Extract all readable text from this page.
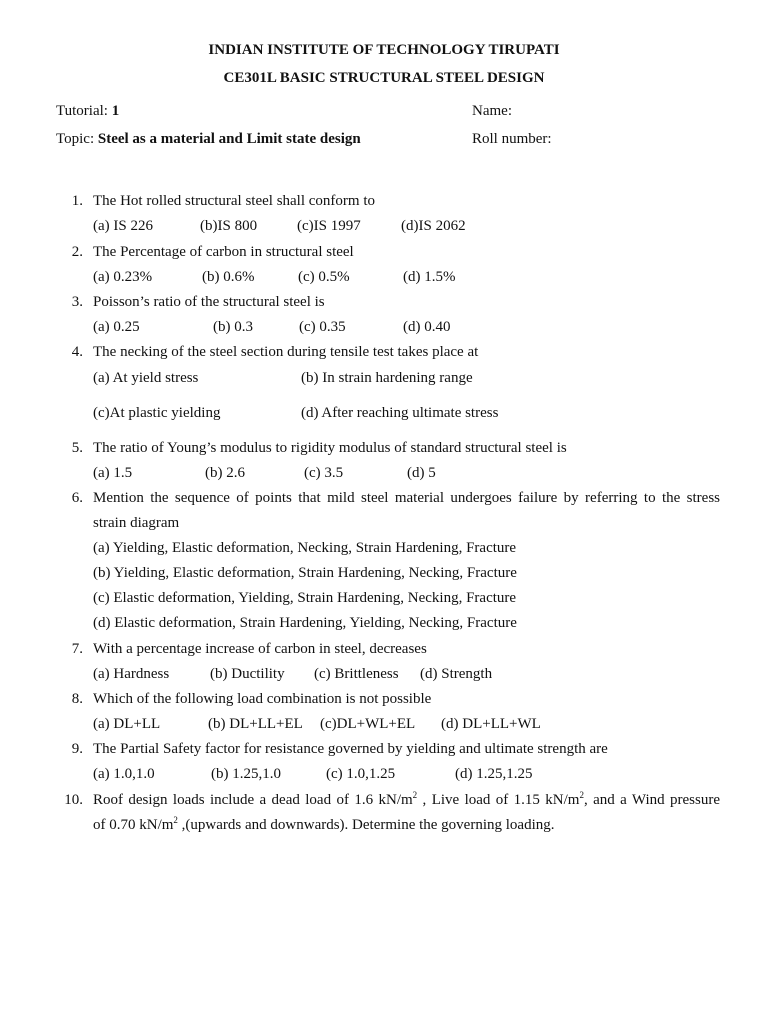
INDIAN INSTITUTE OF TECHNOLOGY TIRUPATI
CE301L BASIC STRUCTURAL STEEL DESIGN
Tutorial: 1	Name:
Topic: Steel as a material and Limit state design	Roll number:
1. The Hot rolled structural steel shall conform to
(a) IS 226	(b)IS 800	(c)IS 1997	(d)IS 2062
2. The Percentage of carbon in structural steel
(a) 0.23%	(b) 0.6%	(c) 0.5%	(d) 1.5%
3. Poisson’s ratio of the structural steel is
(a) 0.25	(b) 0.3	(c) 0.35	(d) 0.40
4. The necking of the steel section during tensile test takes place at
(a) At yield stress	(b) In strain hardening range
(c)At plastic yielding	(d) After reaching ultimate stress
5. The ratio of Young’s modulus to rigidity modulus of standard structural steel is
(a) 1.5	(b) 2.6	(c) 3.5	(d) 5
6. Mention the sequence of points that mild steel material undergoes failure by referring to the stress
strain diagram
(a) Yielding, Elastic deformation, Necking, Strain Hardening, Fracture
(b) Yielding, Elastic deformation, Strain Hardening, Necking, Fracture
(c) Elastic deformation, Yielding, Strain Hardening, Necking, Fracture
(d) Elastic deformation, Strain Hardening, Yielding, Necking, Fracture
7. With a percentage increase of carbon in steel, decreases
(a) Hardness	(b) Ductility (c) Brittleness (d) Strength
8. Which of the following load combination is not possible
(a) DL+LL	(b) DL+LL+EL (c)DL+WL+EL (d) DL+LL+WL
9. The Partial Safety factor for resistance governed by yielding and ultimate strength are
(a) 1.0,1.0	(b) 1.25,1.0	(c) 1.0,1.25	(d) 1.25,1.25
10. Roof design loads include a dead load of 1.6 $kN/m^2$ , Live load of 1.15 $kN/m^2$, and a Wind pressure
of 0.70 $kN/m^2$ ,(upwards and downwards). Determine the governing loading.
